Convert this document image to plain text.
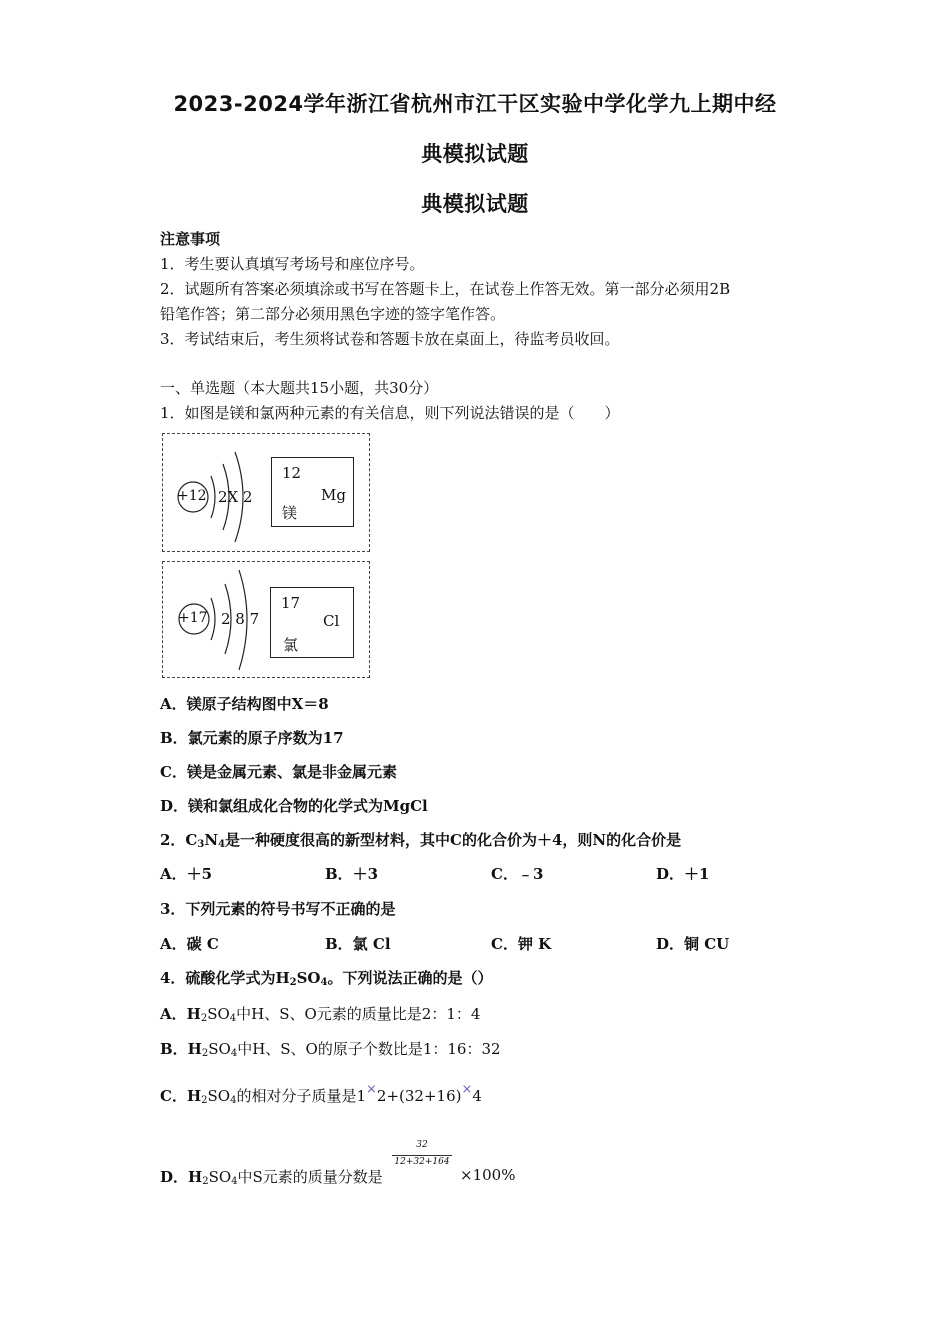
2023-2024学年浙江省杭州市江干区实验中学化学九上期中经
典模拟试题
典模拟试题
注意事项
1．考生要认真填写考场号和座位序号。
2．试题所有答案必须填涂或书写在答题卡上，在试卷上作答无效。第一部分必须用2B
铅笔作答；第二部分必须用黑色字迹的签字笔作答。
3．考试结束后，考生须将试卷和答题卡放在桌面上，待监考员收回。
一、单选题（本大题共15小题，共30分）
1．如图是镁和氯两种元素的有关信息，则下列说法错误的是（　　）
+12 2X 2
12
Mg
镁
+17 2 8 7
17
Cl
氯
A．镁原子结构图中X＝8
B．氯元素的原子序数为17
C．镁是金属元素、氯是非金属元素
D．镁和氯组成化合物的化学式为MgCl
2．$C_3N_4$是一种硬度很高的新型材料，其中C的化合价为＋4，则N的化合价是
A．＋5	B．＋3	C．﹣3	D．＋1
3．下列元素的符号书写不正确的是
A．碳 C	B．氯 Cl	C．钾 K	D．铜 CU
4．硫酸化学式为$H_2SO_4$。下列说法正确的是（）
A．$H_2SO_4$中H、S、O元素的质量比是2：1：4
B．$H_2SO_4$中H、S、O的原子个数比是1：16：32
C．$H_2SO_4$的相对分子质量是1×2+(32+16)×4
32
12+32+164
D．$H_2SO_4$中S元素的质量分数是	×100%
